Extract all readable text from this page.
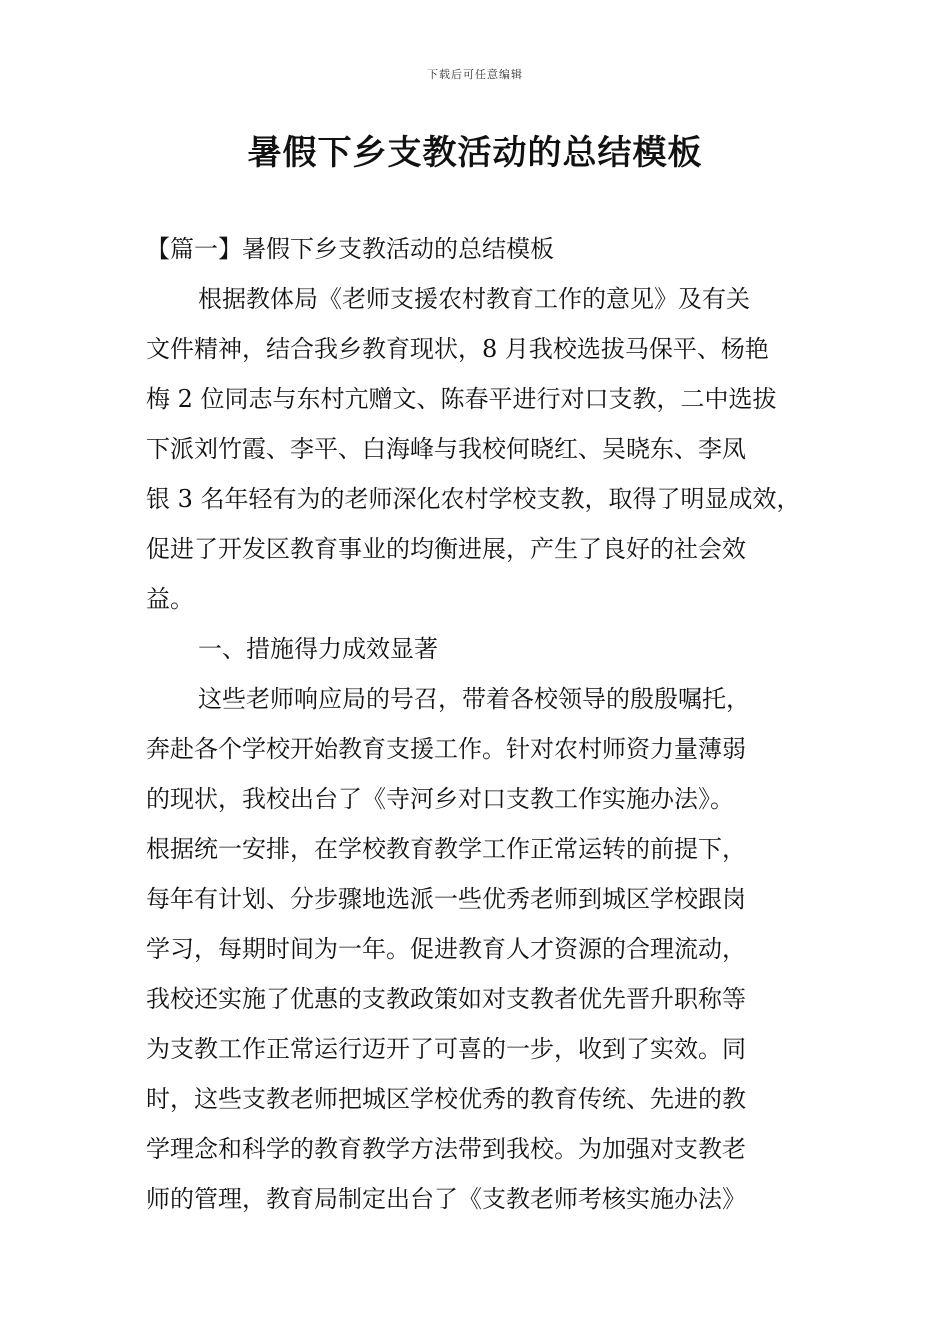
下载后可任意编辑
暑假下乡支教活动的总结模板
【篇一】暑假下乡支教活动的总结模板
根据教体局《老师支援农村教育工作的意见》及有关
文件精神，结合我乡教育现状，8 月我校选拔马保平、杨艳
梅 2 位同志与东村亢赠文、陈春平进行对口支教，二中选拔
下派刘竹霞、李平、白海峰与我校何晓红、吴晓东、李凤
银 3 名年轻有为的老师深化农村学校支教，取得了明显成效，
促进了开发区教育事业的均衡进展，产生了良好的社会效
益。
一、措施得力成效显著
这些老师响应局的号召，带着各校领导的殷殷嘱托，
奔赴各个学校开始教育支援工作。针对农村师资力量薄弱
的现状，我校出台了《寺河乡对口支教工作实施办法》。
根据统一安排，在学校教育教学工作正常运转的前提下，
每年有计划、分步骤地选派一些优秀老师到城区学校跟岗
学习，每期时间为一年。促进教育人才资源的合理流动，
我校还实施了优惠的支教政策如对支教者优先晋升职称等
为支教工作正常运行迈开了可喜的一步，收到了实效。同
时，这些支教老师把城区学校优秀的教育传统、先进的教
学理念和科学的教育教学方法带到我校。为加强对支教老
师的管理，教育局制定出台了《支教老师考核实施办法》
